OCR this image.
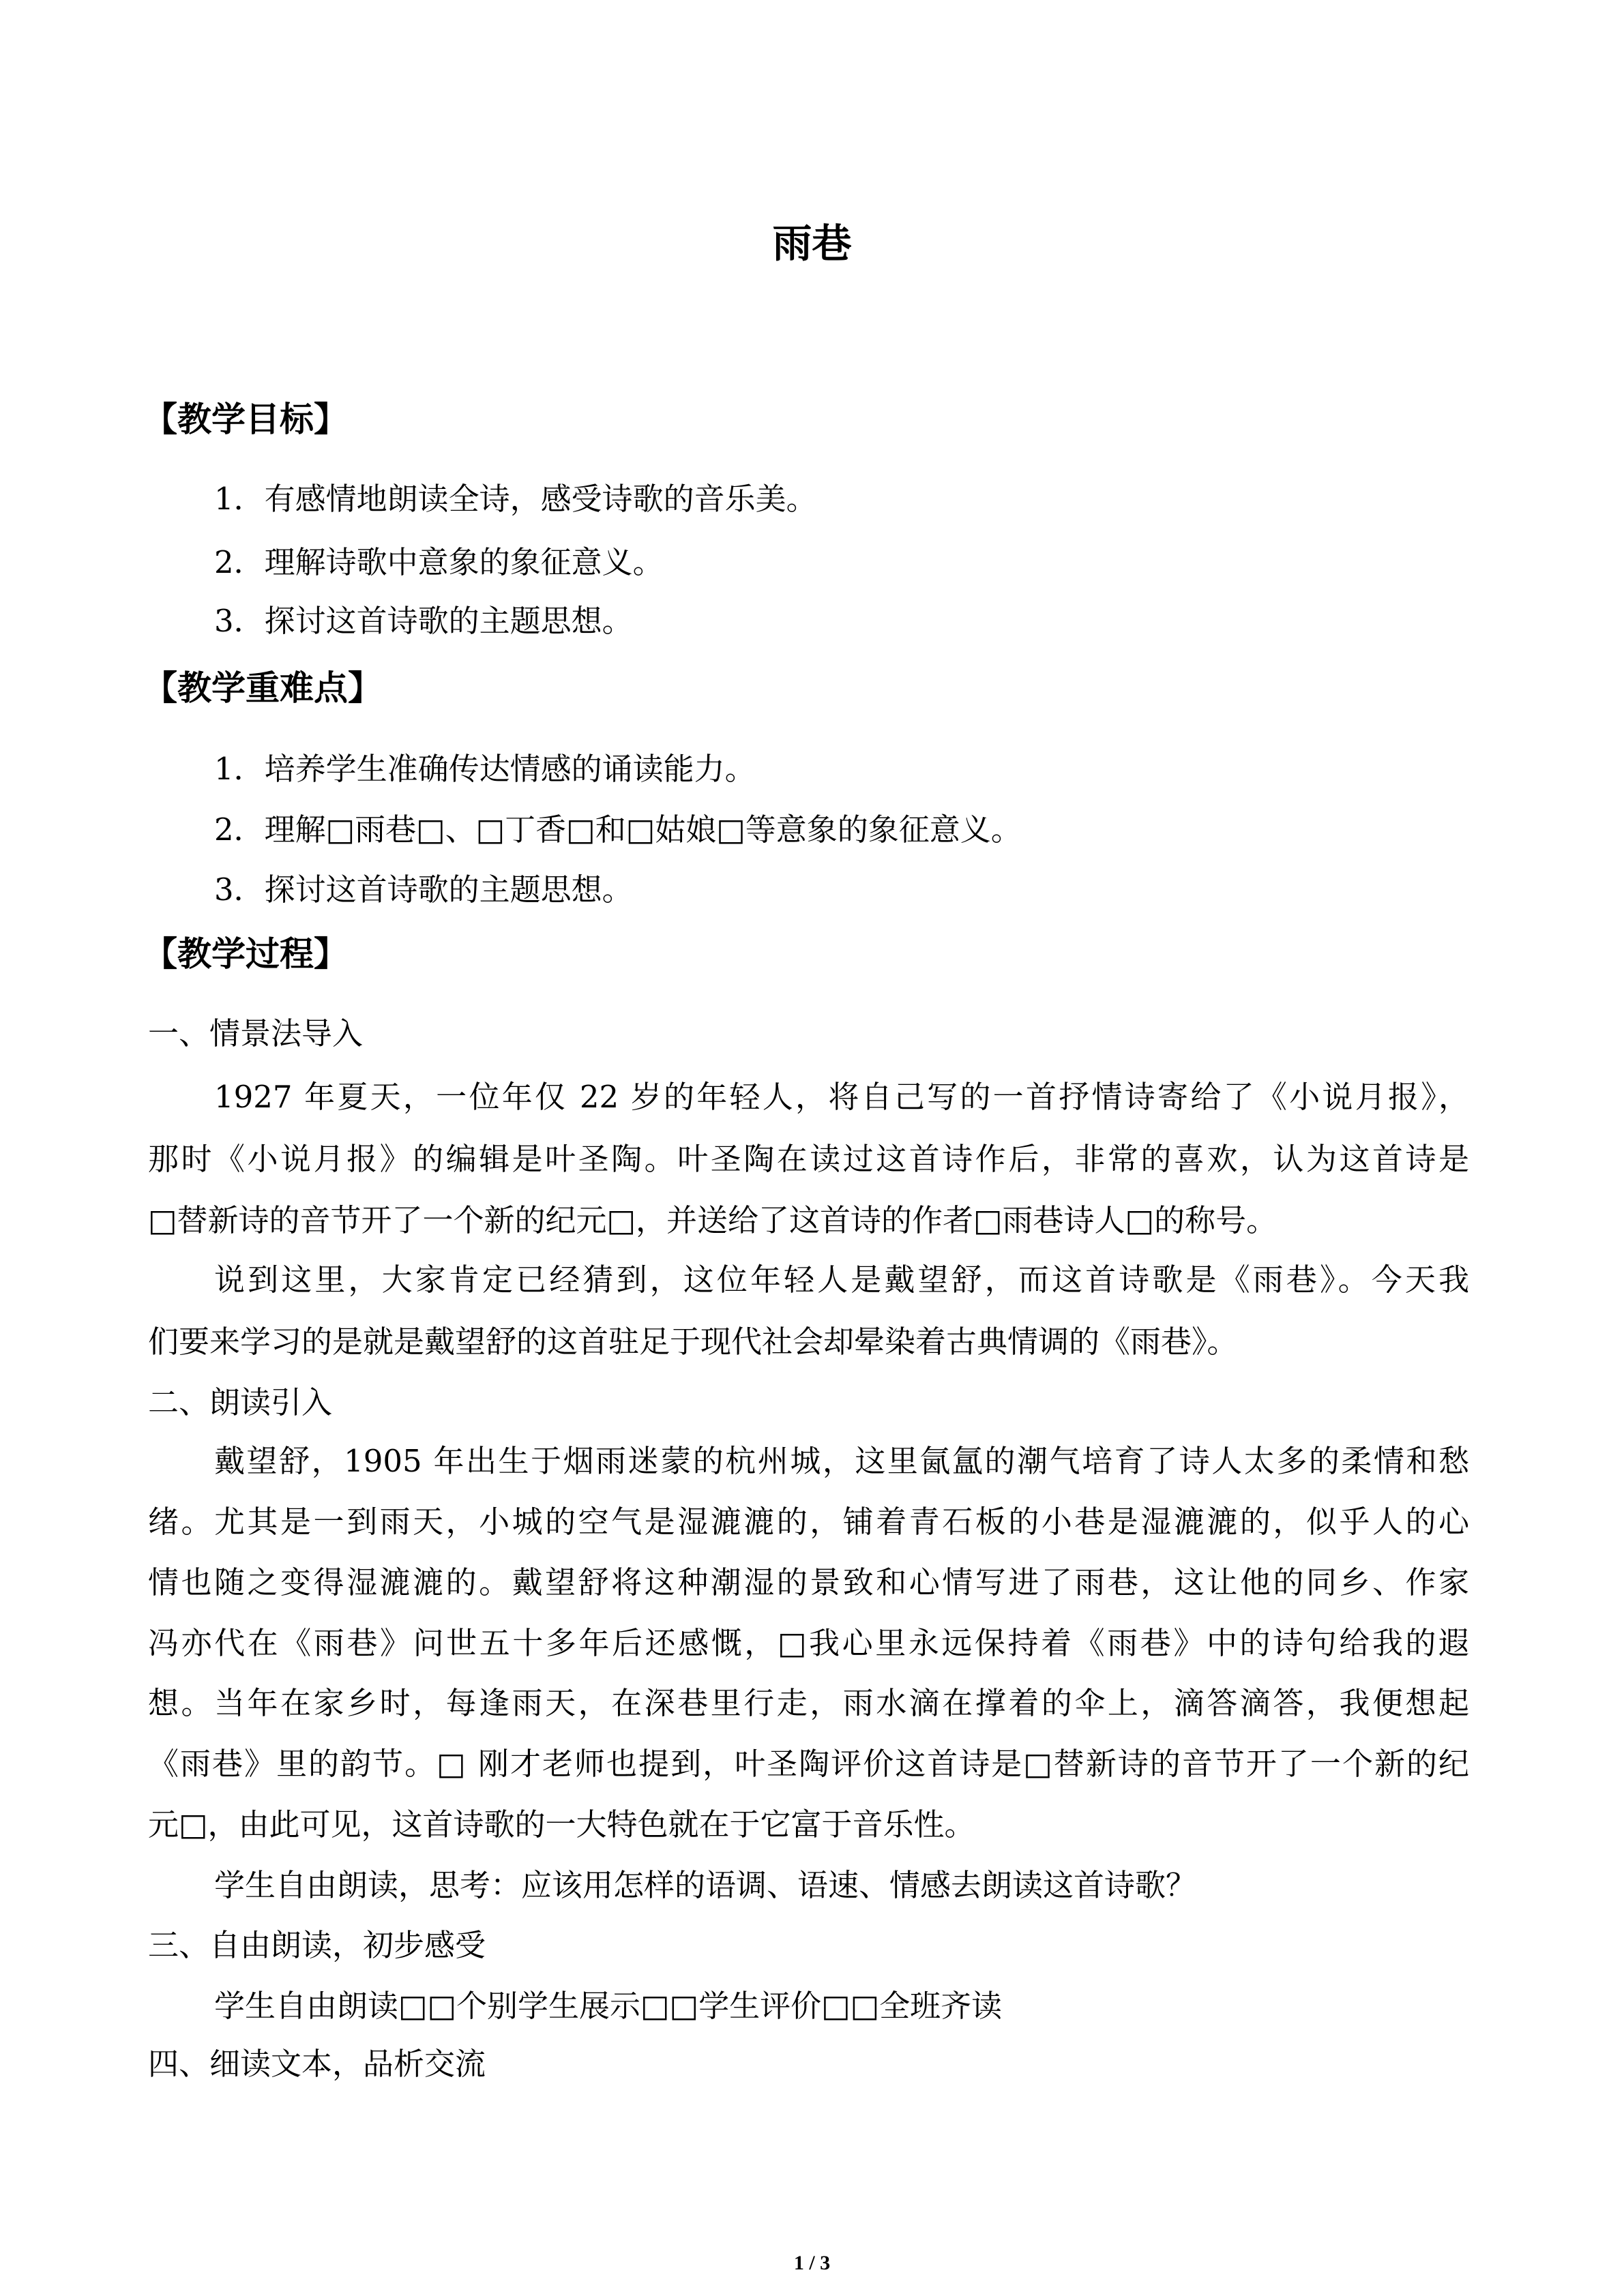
雨巷
【教学目标】
1．有感情地朗读全诗，感受诗歌的音乐美。
2．理解诗歌中意象的象征意义。
3．探讨这首诗歌的主题思想。
【教学重难点】
1．培养学生准确传达情感的诵读能力。
2．理解□雨巷□、□丁香□和□姑娘□等意象的象征意义。
3．探讨这首诗歌的主题思想。
【教学过程】
一、情景法导入
1927 年夏天，一位年仅 22 岁的年轻人，将自己写的一首抒情诗寄给了《小说月报》，
那时《小说月报》的编辑是叶圣陶。叶圣陶在读过这首诗作后，非常的喜欢，认为这首诗是
□替新诗的音节开了一个新的纪元□，并送给了这首诗的作者□雨巷诗人□的称号。
说到这里，大家肯定已经猜到，这位年轻人是戴望舒，而这首诗歌是《雨巷》。今天我
们要来学习的是就是戴望舒的这首驻足于现代社会却晕染着古典情调的《雨巷》。
二、朗读引入
戴望舒，1905 年出生于烟雨迷蒙的杭州城，这里氤氲的潮气培育了诗人太多的柔情和愁
绪。尤其是一到雨天，小城的空气是湿漉漉的，铺着青石板的小巷是湿漉漉的，似乎人的心
情也随之变得湿漉漉的。戴望舒将这种潮湿的景致和心情写进了雨巷，这让他的同乡、作家
冯亦代在《雨巷》问世五十多年后还感慨，□我心里永远保持着《雨巷》中的诗句给我的遐
想。当年在家乡时，每逢雨天，在深巷里行走，雨水滴在撑着的伞上，滴答滴答，我便想起
《雨巷》里的韵节。□ 刚才老师也提到，叶圣陶评价这首诗是□替新诗的音节开了一个新的纪
元□，由此可见，这首诗歌的一大特色就在于它富于音乐性。
学生自由朗读，思考：应该用怎样的语调、语速、情感去朗读这首诗歌？
三、自由朗读，初步感受
学生自由朗读□□个别学生展示□□学生评价□□全班齐读
四、细读文本，品析交流
1 / 3
